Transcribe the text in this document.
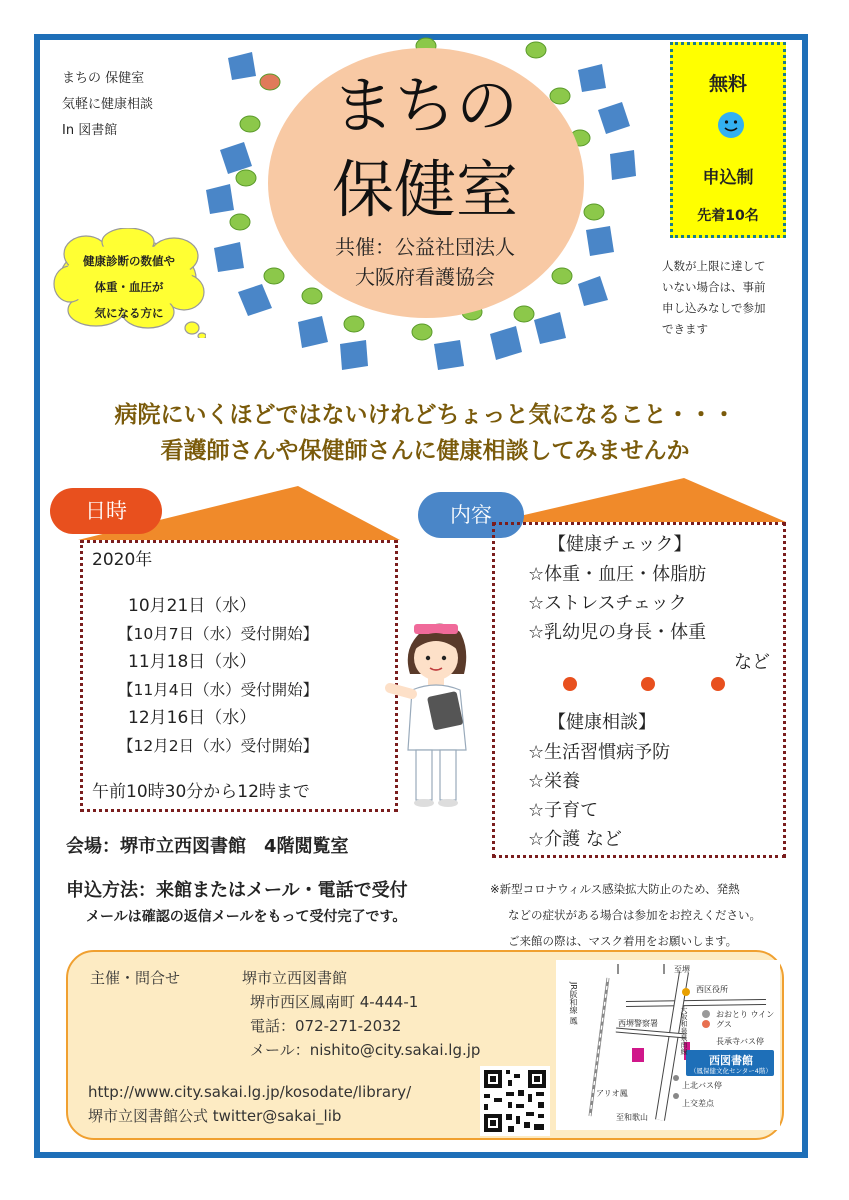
まちの 保健室
気軽に健康相談
In 図書館	まちの
保健室
共催：公益社団法人
大阪府看護協会
健康診断の数値や
体重・血圧が
気になる方に
無料
申込制
先着10名
人数が上限に達して
いない場合は、事前
申し込みなしで参加
できます
病院にいくほどではないけれどちょっと気になること・・・
看護師さんや保健師さんに健康相談してみませんか
日時
2020年
10月21日（水）
【10月7日（水）受付開始】
11月18日（水）
【11月4日（水）受付開始】
12月16日（水）
【12月2日（水）受付開始】
午前10時30分から12時まで
内容
【健康チェック】
☆体重・血圧・体脂肪
☆ストレスチェック
☆乳幼児の身長・体重
など
【健康相談】
☆生活習慣病予防
☆栄養
☆子育て
☆介護 など
会場：堺市立西図書館　4階閲覧室
申込方法：来館またはメール・電話で受付
メールは確認の返信メールをもって受付完了です。
※新型コロナウィルス感染拡大防止のため、発熱
などの症状がある場合は参加をお控えください。
ご来館の際は、マスク着用をお願いします。
主催・問合せ	堺市立西図書館
堺市西区鳳南町 4-444-1
電話：072-271-2032
メール：nishito@city.sakai.lg.jp
http://www.city.sakai.lg.jp/kosodate/library/
堺市立図書館公式 twitter@sakai_lib
至堺
JR阪和線 鳳	西区役所
おおとり ウイングス
西堺警察署	大阪和泉泉南線	長承寺バス停
西図書館
（鳳保健文化センター4階）
上北バス停
アリオ鳳
上交差点
至和歌山
